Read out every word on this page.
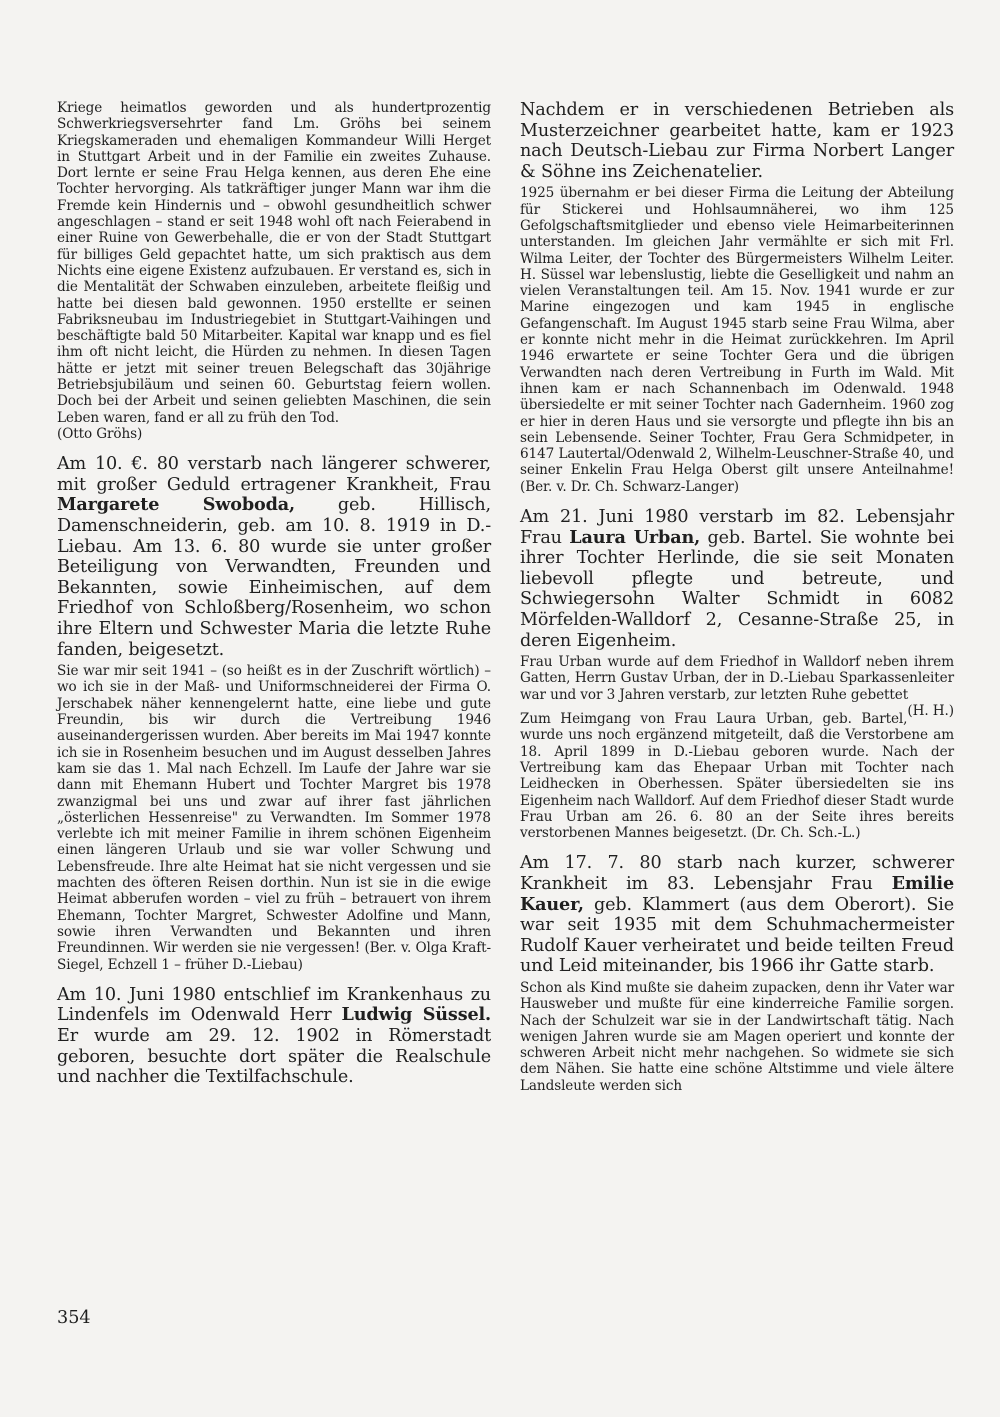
Kriege heimatlos geworden und als hundertprozentig Schwerkriegsversehrter fand Lm. Gröhs bei seinem Kriegskameraden und ehemaligen Kommandeur Willi Herget in Stuttgart Arbeit und in der Familie ein zweites Zuhause. Dort lernte er seine Frau Helga kennen, aus deren Ehe eine Tochter hervorging. Als tatkräftiger junger Mann war ihm die Fremde kein Hindernis und – obwohl gesundheitlich schwer angeschlagen – stand er seit 1948 wohl oft nach Feierabend in einer Ruine von Gewerbehalle, die er von der Stadt Stuttgart für billiges Geld gepachtet hatte, um sich praktisch aus dem Nichts eine eigene Existenz aufzubauen. Er verstand es, sich in die Mentalität der Schwaben einzuleben, arbeitete fleißig und hatte bei diesen bald gewonnen. 1950 erstellte er seinen Fabriksneubau im Industriegebiet in Stuttgart-Vaihingen und beschäftigte bald 50 Mitarbeiter. Kapital war knapp und es fiel ihm oft nicht leicht, die Hürden zu nehmen. In diesen Tagen hätte er jetzt mit seiner treuen Belegschaft das 30jährige Betriebsjubiläum und seinen 60. Geburtstag feiern wollen. Doch bei der Arbeit und seinen geliebten Maschinen, die sein Leben waren, fand er all zu früh den Tod.

(Otto Gröhs)

Am 10. €. 80 verstarb nach längerer schwerer, mit großer Geduld ertragener Krankheit, Frau Margarete Swoboda, geb. Hillisch, Damenschneiderin, geb. am 10. 8. 1919 in D.-Liebau. Am 13. 6. 80 wurde sie unter großer Beteiligung von Verwandten, Freunden und Bekannten, sowie Einheimischen, auf dem Friedhof von Schloßberg/Rosenheim, wo schon ihre Eltern und Schwester Maria die letzte Ruhe fanden, beigesetzt.

Sie war mir seit 1941 – (so heißt es in der Zuschrift wörtlich) – wo ich sie in der Maß- und Uniformschneiderei der Firma O. Jerschabek näher kennengelernt hatte, eine liebe und gute Freundin, bis wir durch die Vertreibung 1946 auseinandergerissen wurden. Aber bereits im Mai 1947 konnte ich sie in Rosenheim besuchen und im August desselben Jahres kam sie das 1. Mal nach Echzell. Im Laufe der Jahre war sie dann mit Ehemann Hubert und Tochter Margret bis 1978 zwanzigmal bei uns und zwar auf ihrer fast jährlichen „österlichen Hessenreise" zu Verwandten. Im Sommer 1978 verlebte ich mit meiner Familie in ihrem schönen Eigenheim einen längeren Urlaub und sie war voller Schwung und Lebensfreude. Ihre alte Heimat hat sie nicht vergessen und sie machten des öfteren Reisen dorthin. Nun ist sie in die ewige Heimat abberufen worden – viel zu früh – betrauert von ihrem Ehemann, Tochter Margret, Schwester Adolfine und Mann, sowie ihren Verwandten und Bekannten und ihren Freundinnen. Wir werden sie nie vergessen! (Ber. v. Olga Kraft-Siegel, Echzell 1 – früher D.-Liebau)

Am 10. Juni 1980 entschlief im Krankenhaus zu Lindenfels im Odenwald Herr Ludwig Süssel. Er wurde am 29. 12. 1902 in Römerstadt geboren, besuchte dort später die Realschule und nachher die Textilfachschule.

Nachdem er in verschiedenen Betrieben als Musterzeichner gearbeitet hatte, kam er 1923 nach Deutsch-Liebau zur Firma Norbert Langer & Söhne ins Zeichenatelier.

1925 übernahm er bei dieser Firma die Leitung der Abteilung für Stickerei und Hohlsaumnäherei, wo ihm 125 Gefolgschaftsmitglieder und ebenso viele Heimarbeiterinnen unterstanden. Im gleichen Jahr vermählte er sich mit Frl. Wilma Leiter, der Tochter des Bürgermeisters Wilhelm Leiter. H. Süssel war lebenslustig, liebte die Geselligkeit und nahm an vielen Veranstaltungen teil. Am 15. Nov. 1941 wurde er zur Marine eingezogen und kam 1945 in englische Gefangenschaft. Im August 1945 starb seine Frau Wilma, aber er konnte nicht mehr in die Heimat zurückkehren. Im April 1946 erwartete er seine Tochter Gera und die übrigen Verwandten nach deren Vertreibung in Furth im Wald. Mit ihnen kam er nach Schannenbach im Odenwald. 1948 übersiedelte er mit seiner Tochter nach Gadernheim. 1960 zog er hier in deren Haus und sie versorgte und pflegte ihn bis an sein Lebensende. Seiner Tochter, Frau Gera Schmidpeter, in 6147 Lautertal/Odenwald 2, Wilhelm-Leuschner-Straße 40, und seiner Enkelin Frau Helga Oberst gilt unsere Anteilnahme! (Ber. v. Dr. Ch. Schwarz-Langer)

Am 21. Juni 1980 verstarb im 82. Lebensjahr Frau Laura Urban, geb. Bartel. Sie wohnte bei ihrer Tochter Herlinde, die sie seit Monaten liebevoll pflegte und betreute, und Schwiegersohn Walter Schmidt in 6082 Mörfelden-Walldorf 2, Cesanne-Straße 25, in deren Eigenheim.

Frau Urban wurde auf dem Friedhof in Walldorf neben ihrem Gatten, Herrn Gustav Urban, der in D.-Liebau Sparkassenleiter war und vor 3 Jahren verstarb, zur letzten Ruhe gebettet
(H. H.)

Zum Heimgang von Frau Laura Urban, geb. Bartel, wurde uns noch ergänzend mitgeteilt, daß die Verstorbene am 18. April 1899 in D.-Liebau geboren wurde. Nach der Vertreibung kam das Ehepaar Urban mit Tochter nach Leidhecken in Oberhessen. Später übersiedelten sie ins Eigenheim nach Walldorf. Auf dem Friedhof dieser Stadt wurde Frau Urban am 26. 6. 80 an der Seite ihres bereits verstorbenen Mannes beigesetzt. (Dr. Ch. Sch.-L.)

Am 17. 7. 80 starb nach kurzer, schwerer Krankheit im 83. Lebensjahr Frau Emilie Kauer, geb. Klammert (aus dem Oberort). Sie war seit 1935 mit dem Schuhmachermeister Rudolf Kauer verheiratet und beide teilten Freud und Leid miteinander, bis 1966 ihr Gatte starb.

Schon als Kind mußte sie daheim zupacken, denn ihr Vater war Hausweber und mußte für eine kinderreiche Familie sorgen. Nach der Schulzeit war sie in der Landwirtschaft tätig. Nach wenigen Jahren wurde sie am Magen operiert und konnte der schweren Arbeit nicht mehr nachgehen. So widmete sie sich dem Nähen. Sie hatte eine schöne Altstimme und viele ältere Landsleute werden sich

354
